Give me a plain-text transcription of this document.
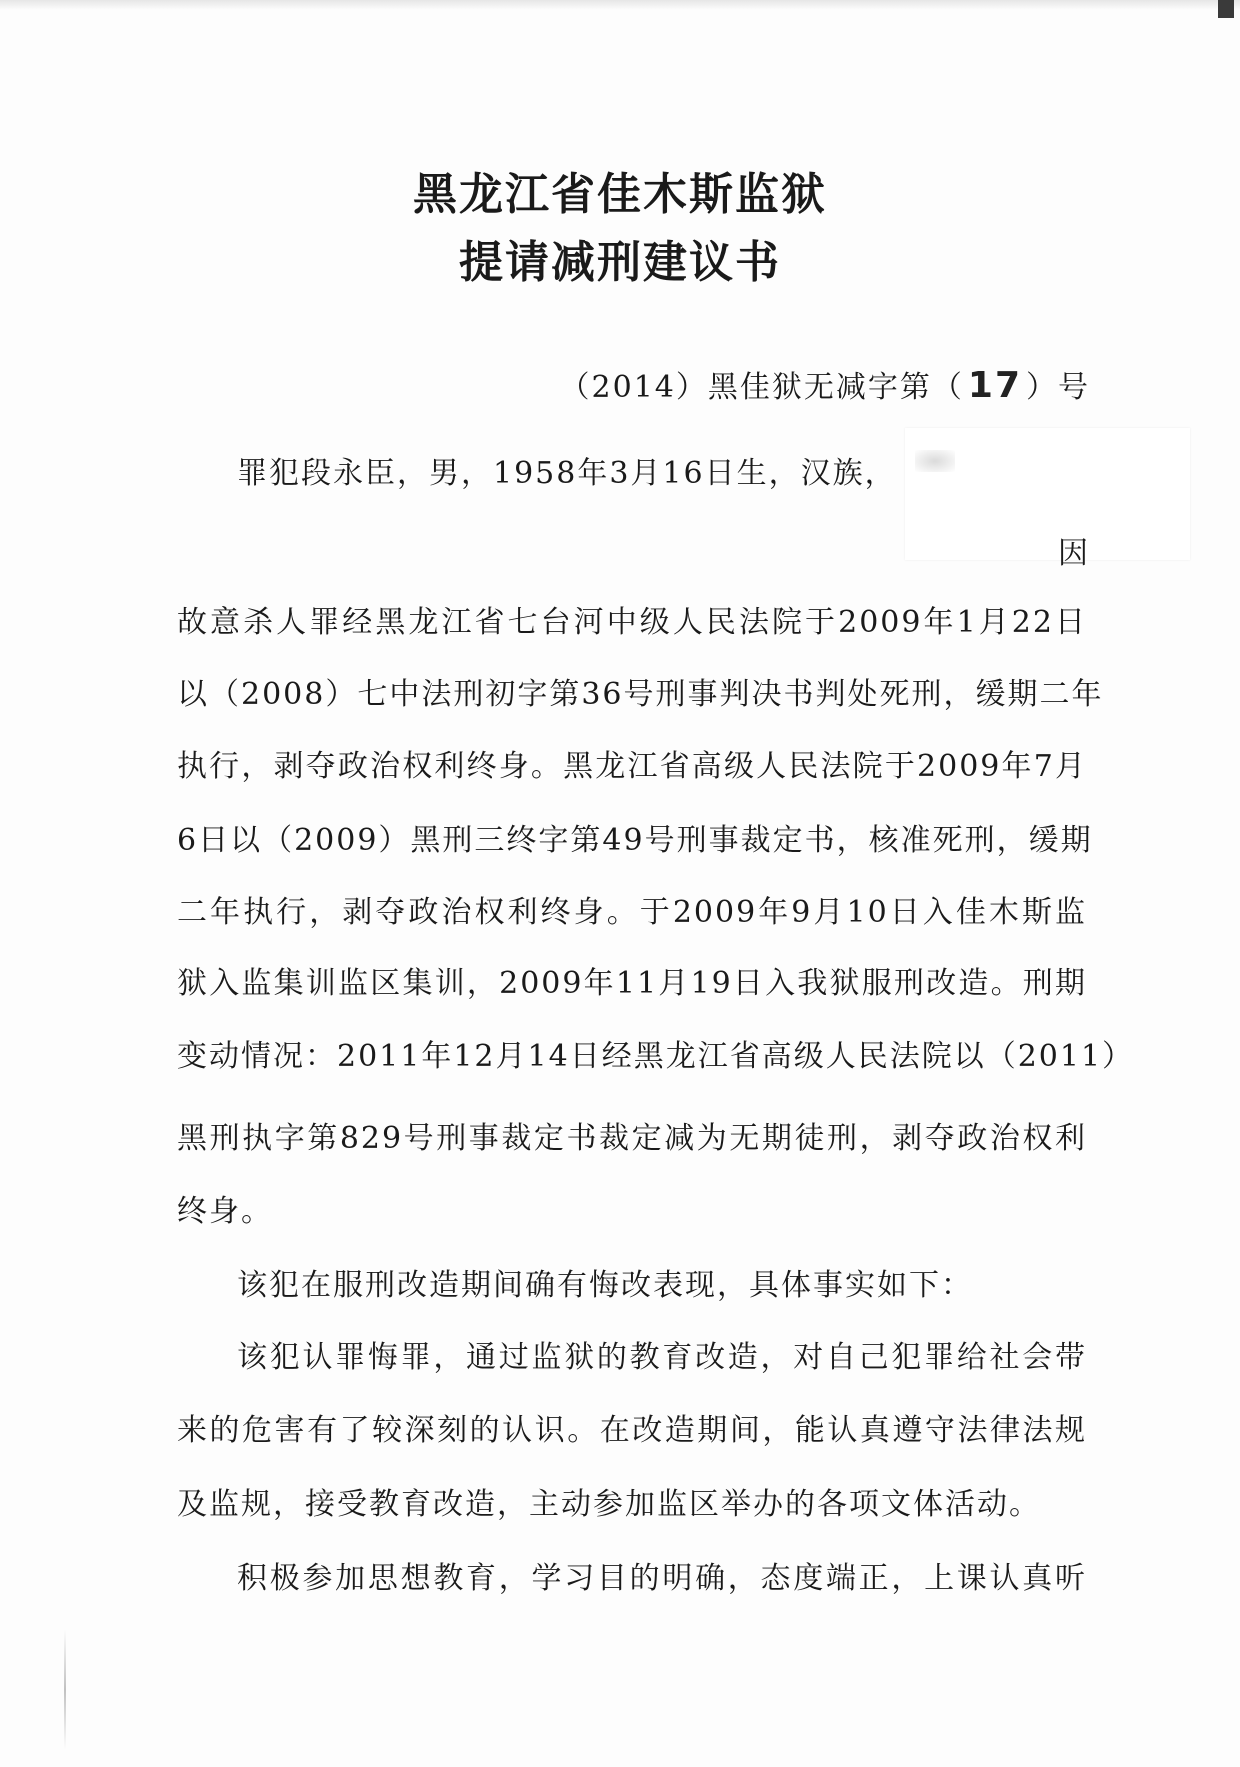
黑龙江省佳木斯监狱
提请减刑建议书
（2014）黑佳狱无减字第（ 17 ）号
罪犯段永臣，男，1958年3月16日生，汉族，
因
故意杀人罪经黑龙江省七台河中级人民法院于2009年1月22日
以（2008）七中法刑初字第36号刑事判决书判处死刑，缓期二年
执行，剥夺政治权利终身。黑龙江省高级人民法院于2009年7月
6日以（2009）黑刑三终字第49号刑事裁定书，核准死刑，缓期
二年执行，剥夺政治权利终身。于2009年9月10日入佳木斯监
狱入监集训监区集训，2009年11月19日入我狱服刑改造。刑期
变动情况：2011年12月14日经黑龙江省高级人民法院以（2011）
黑刑执字第829号刑事裁定书裁定减为无期徒刑，剥夺政治权利
终身。
该犯在服刑改造期间确有悔改表现，具体事实如下：
该犯认罪悔罪，通过监狱的教育改造，对自己犯罪给社会带
来的危害有了较深刻的认识。在改造期间，能认真遵守法律法规
及监规，接受教育改造，主动参加监区举办的各项文体活动。
积极参加思想教育，学习目的明确，态度端正，上课认真听
